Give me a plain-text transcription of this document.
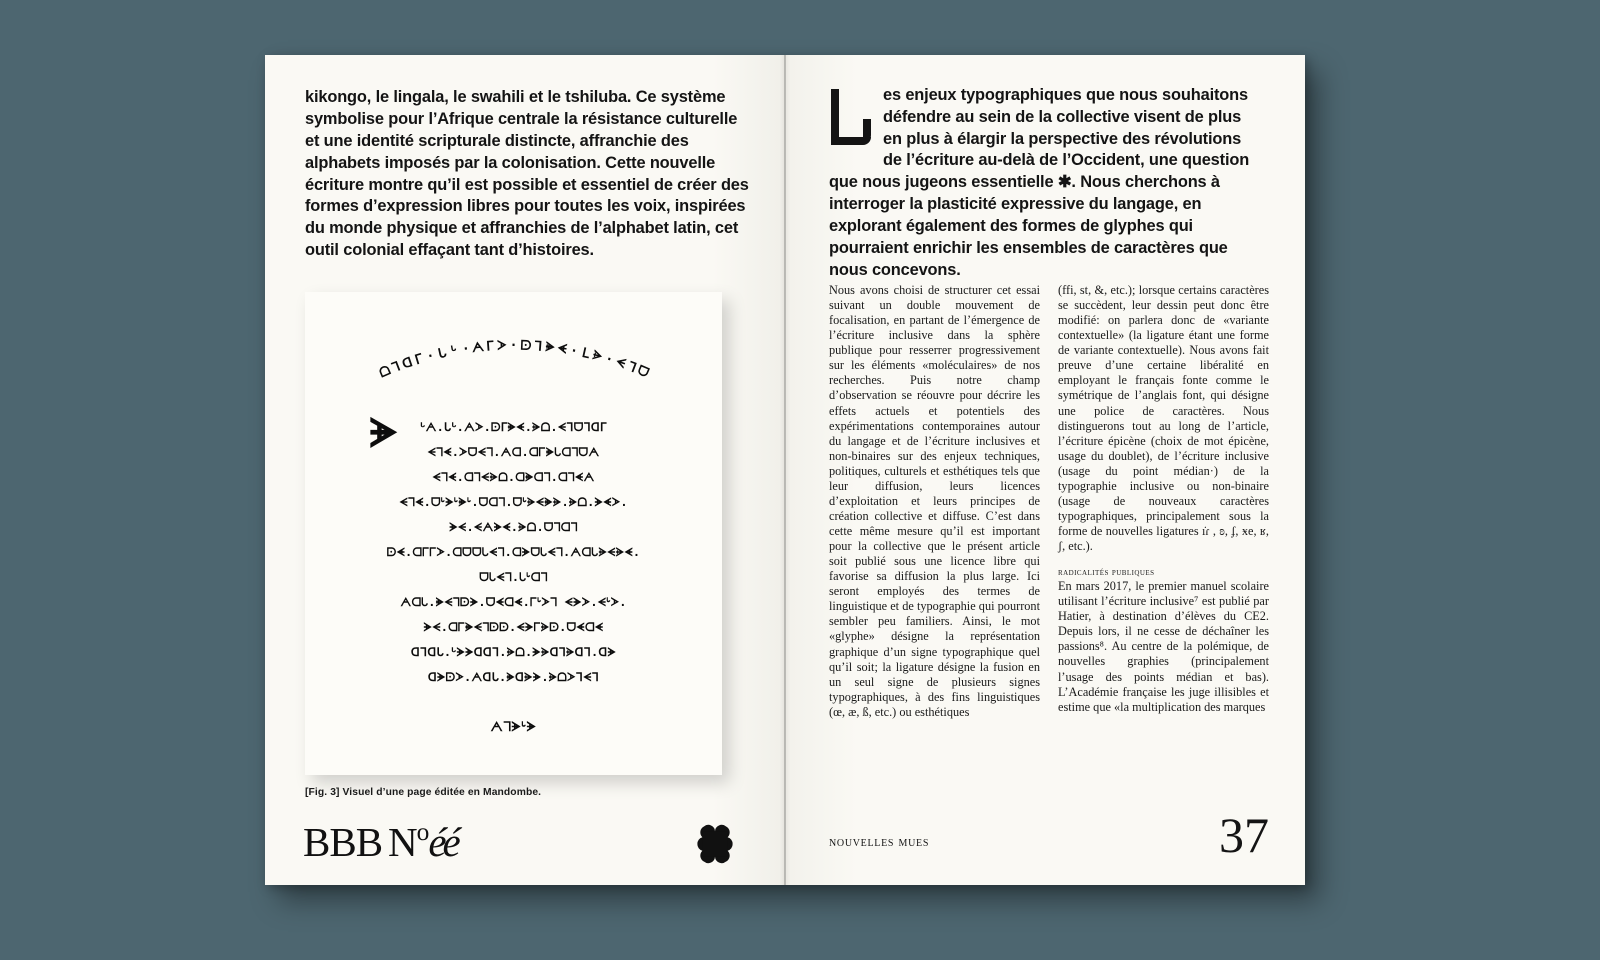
kikongo, le lingala, le swahili et le tshiluba. Ce système symbolise pour l’Afrique centrale la résistance culturelle et une identité scripturale distincte, affranchie des alphabets imposés par la colonisation. Cette nouvelle écriture montre qu’il est possible et essentiel de créer des formes d’expression libres pour toutes les voix, inspirées du monde physique et affranchies de l’alphabet latin, cet outil colonial effaçant tant d’histoires.
ᗝ
ᒣ
ᗡ
ᒥ · ᒐ ᒡ · ᗅ ᒥ ᗆ · ᗠ ᒣ ᗙ ᗛ · ᒪ ᗓ ·
ᗕ
ᒣ
ᗜ
ᗘ	ᒡᗅ.ᒐᒡ.ᗅᗆ.ᗠᒥᗙᗛ.ᗓᗝ.ᗕᒣᗜᒣᗡᒥ
ᗕᒣᗛ.ᗆᗜᗕᒣ.ᗅᗡ.ᗡᒥᗙᒐᗡᒣᗜᗅ
ᗕᒣᗛ.ᗡᒣᗕᗓᗝ.ᗡᗙᗡᒣ.ᗡᒣᗛᗅ
ᗕᒣᗛ.ᗜᒡᗘᒡᗙᒡ.ᗜᗡᒣ.ᗜᒡᗓᗕᗙᗓ.ᗓᗝ.ᗘᗛᗆ.
ᗘᗕ.ᗕᗅᗘᗛ.ᗓᗝ.ᗜᒣᗡᒣ
ᗠᗛ.ᗡᒥᒥᗆ.ᗡᗜᗜᒐᗕᒣ.ᗡᗘᗜᒐᗕᒣ.ᗅᗡᒐᗓᗕᗓᗛ.
ᗜᒐᗕᒣ.ᒐᒡᗡᒣ
ᗅᗡᒐ.ᗙᗕᒣᗠᗘ.ᗜᗛᗡᗛ.ᒥᒡᗆᒣ ᗕᗘᗆ.ᗕᒡᗆ.
ᗘᗕ.ᗡᒥᗙᗕᒣᗠᗠ.ᗕᗘᒥᗓᗠ.ᗜᗛᗡᗛ
ᗡᒣᗡᒐ.ᒡᗘᗘᗡᗡᒣ.ᗓᗝ.ᗘᗓᗡᒣᗓᗡᒣ.ᗡᗘ
ᗡᗘᗠᗆ.ᗅᗡᒐ.ᗙᗡᗓᗘ.ᗓᗝᗆᒣᗕᒣ
ᗅᒣᗘᒡᗘ
[Fig. 3] Visuel d’une page éditée en Mandombe.
BBB $N^oéé$
es enjeux typographiques que nous souhaitons défendre au sein de la collective visent de plus en plus à élargir la perspective des révolutions de l’écriture au-delà de l’Occident, une question que nous jugeons essentielle ✱. Nous cherchons à interroger la plasticité expressive du langage, en explorant également des formes de glyphes qui pourraient enrichir les ensembles de caractères que nous concevons.

Nous avons choisi de structurer cet essai suivant un double mouvement de focalisation, en partant de l’émergence de l’écriture inclusive dans la sphère publique pour resserrer progressivement sur les éléments «moléculaires» de nos recherches. Puis notre champ d’observation se réouvre pour décrire les effets actuels et potentiels des expérimentations contemporaines autour du langage et de l’écriture inclusives et non-binaires sur des enjeux techniques, politiques, culturels et esthétiques tels que leur diffusion, leurs licences d’exploitation et leurs principes de création collective et diffuse. C’est dans cette même mesure qu’il est important pour la collective que le présent article soit publié sous une licence libre qui favorise sa diffusion la plus large. Ici seront employés des termes de linguistique et de typographie qui pourront sembler peu familiers. Ainsi, le mot «glyphe» désigne la représentation graphique d’un signe typographique quel qu’il soit; la ligature désigne la fusion en un seul signe de plusieurs signes typographiques, à des fins linguistiques (œ, æ, ß, etc.) ou esthétiques

(ffi, st, &, etc.); lorsque certains caractères se succèdent, leur dessin peut donc être modifié: on parlera donc de «variante contextuelle» (la ligature étant une forme de variante contextuelle). Nous avons fait preuve d’une certaine libéralité en employant le français fonte comme le symétrique de l’anglais font, qui désigne une police de caractères. Nous distinguerons tout au long de l’article, l’écriture épicène (choix de mot épicène, usage du doublet), de l’écriture inclusive (usage du point médian·) de la typographie inclusive ou non-binaire (usage de nouveaux caractères typographiques, principalement sous la forme de nouvelles ligatures ı̇ɾ , ʚ, ʄ, ӿe, ʁ, ʃ, etc.).

radicalités publiques

En mars 2017, le premier manuel scolaire utilisant l’écriture inclusive⁷ est publié par Hatier, à destination d’élèves du CE2. Depuis lors, il ne cesse de déchaîner les passions⁸. Au centre de la polémique, de nouvelles graphies (principalement l’usage des points médian et bas). L’Académie française les juge illisibles et estime que «la multiplication des marques

nouvelles mues	37
